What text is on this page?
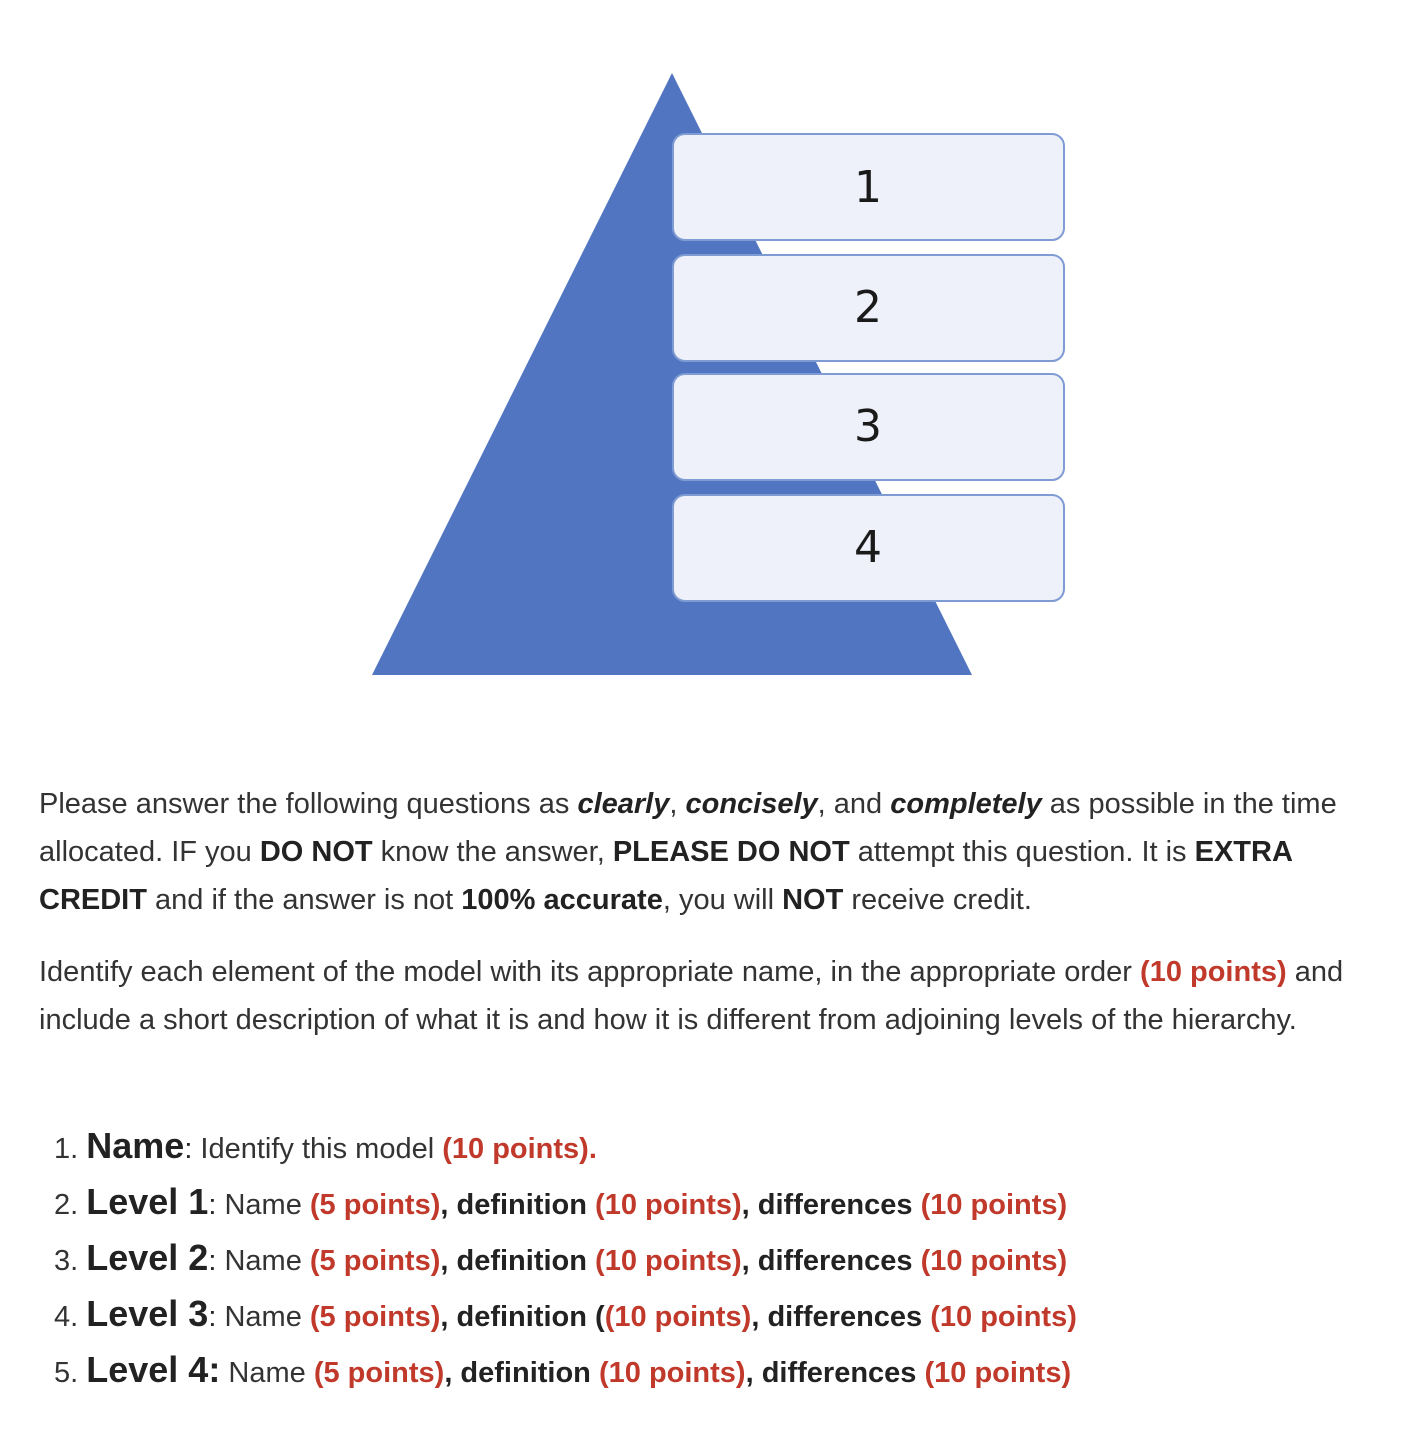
1
2
3
4

Please answer the following questions as clearly, concisely, and completely as possible in the time allocated. IF you DO NOT know the answer, PLEASE DO NOT attempt this question. It is EXTRA CREDIT and if the answer is not 100% accurate, you will NOT receive credit.

Identify each element of the model with its appropriate name, in the appropriate order (10 points) and include a short description of what it is and how it is different from adjoining levels of the hierarchy.

1. Name: Identify this model (10 points).
2. Level 1: Name (5 points), definition (10 points), differences (10 points)
3. Level 2: Name (5 points), definition (10 points), differences (10 points)
4. Level 3: Name (5 points), definition ((10 points), differences (10 points)
5. Level 4: Name (5 points), definition (10 points), differences (10 points)
